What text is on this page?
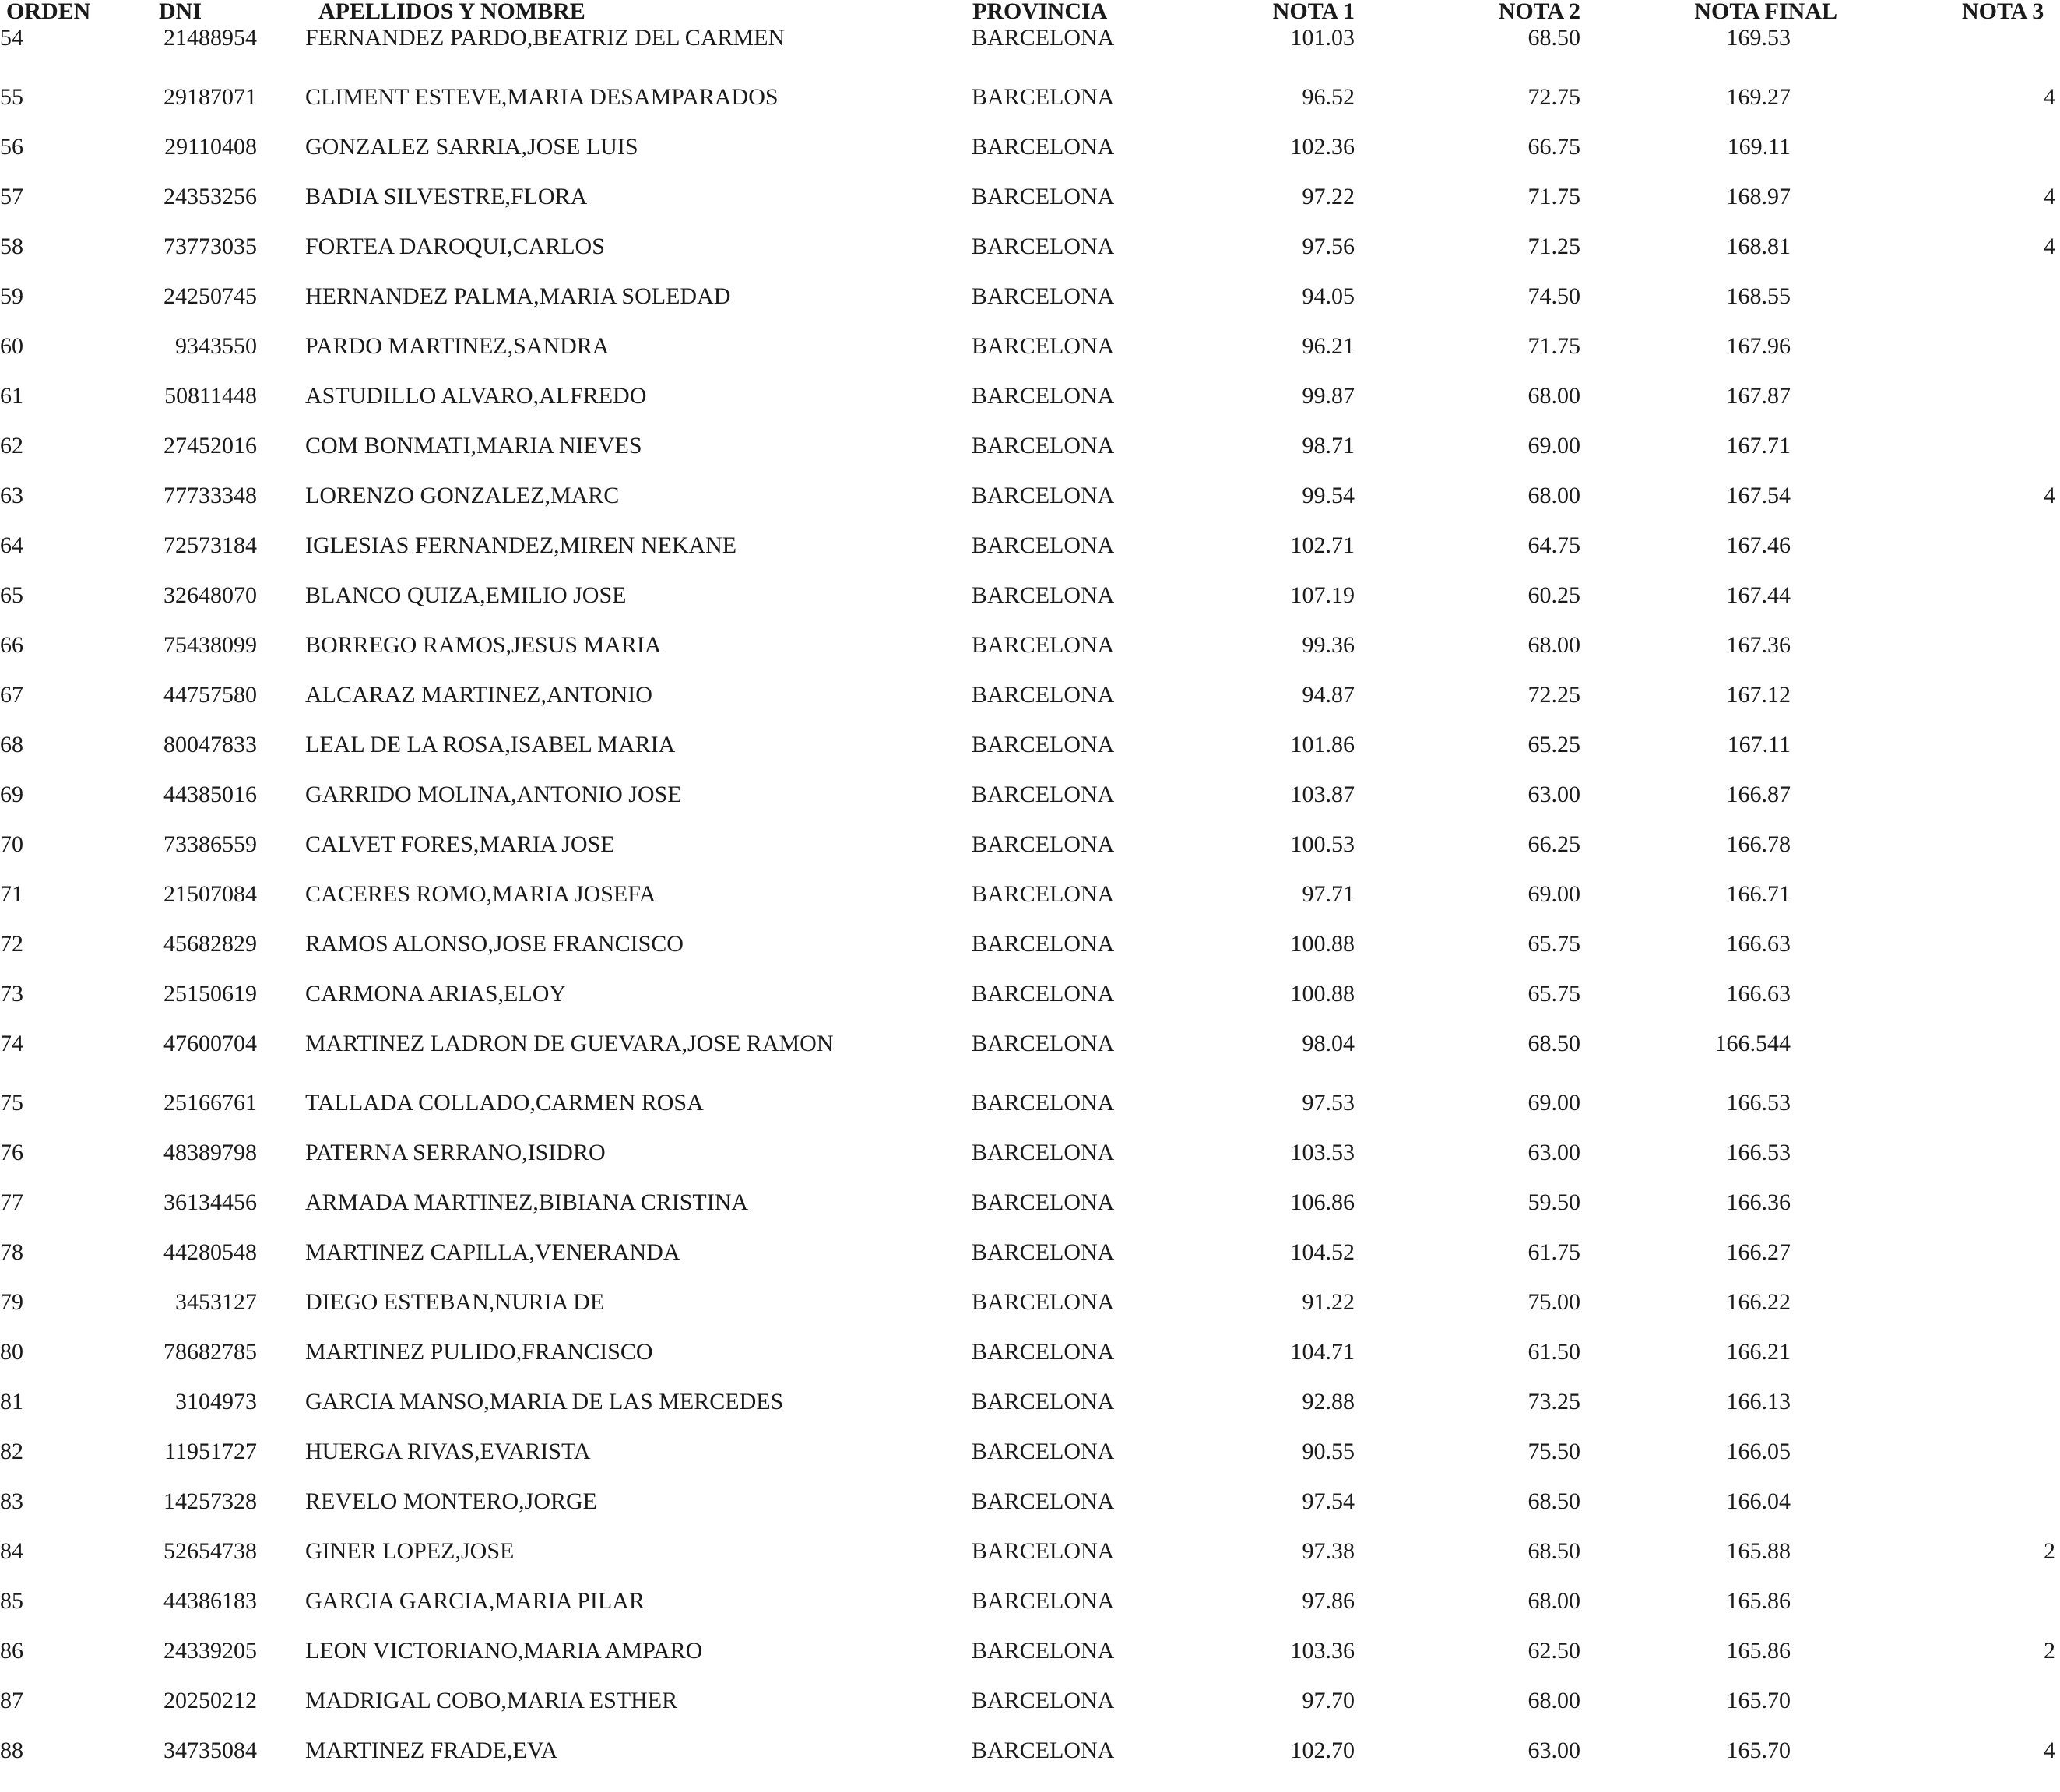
ORDEN	DNI	APELLIDOS Y NOMBRE	PROVINCIA	NOTA 1	NOTA 2	NOTA FINAL	NOTA 3
54	21488954 FERNANDEZ PARDO,BEATRIZ DEL CARMEN	BARCELONA	101.03	68.50	169.53
55	29187071 CLIMENT ESTEVE,MARIA DESAMPARADOS	BARCELONA	96.52	72.75	169.27	4
56	29110408 GONZALEZ SARRIA,JOSE LUIS	BARCELONA	102.36	66.75	169.11
57	24353256 BADIA SILVESTRE,FLORA	BARCELONA	97.22	71.75	168.97	4
58	73773035 FORTEA DAROQUI,CARLOS	BARCELONA	97.56	71.25	168.81	4
59	24250745 HERNANDEZ PALMA,MARIA SOLEDAD	BARCELONA	94.05	74.50	168.55
60	9343550 PARDO MARTINEZ,SANDRA	BARCELONA	96.21	71.75	167.96
61	50811448 ASTUDILLO ALVARO,ALFREDO	BARCELONA	99.87	68.00	167.87
62	27452016 COM BONMATI,MARIA NIEVES	BARCELONA	98.71	69.00	167.71
63	77733348 LORENZO GONZALEZ,MARC	BARCELONA	99.54	68.00	167.54	4
64	72573184 IGLESIAS FERNANDEZ,MIREN NEKANE	BARCELONA	102.71	64.75	167.46
65	32648070 BLANCO QUIZA,EMILIO JOSE	BARCELONA	107.19	60.25	167.44
66	75438099 BORREGO RAMOS,JESUS MARIA	BARCELONA	99.36	68.00	167.36
67	44757580 ALCARAZ MARTINEZ,ANTONIO	BARCELONA	94.87	72.25	167.12
68	80047833 LEAL DE LA ROSA,ISABEL MARIA	BARCELONA	101.86	65.25	167.11
69	44385016 GARRIDO MOLINA,ANTONIO JOSE	BARCELONA	103.87	63.00	166.87
70	73386559 CALVET FORES,MARIA JOSE	BARCELONA	100.53	66.25	166.78
71	21507084 CACERES ROMO,MARIA JOSEFA	BARCELONA	97.71	69.00	166.71
72	45682829 RAMOS ALONSO,JOSE FRANCISCO	BARCELONA	100.88	65.75	166.63
73	25150619 CARMONA ARIAS,ELOY	BARCELONA	100.88	65.75	166.63
74	47600704 MARTINEZ LADRON DE GUEVARA,JOSE RAMON	BARCELONA	98.04	68.50	166.544
75	25166761 TALLADA COLLADO,CARMEN ROSA	BARCELONA	97.53	69.00	166.53
76	48389798 PATERNA SERRANO,ISIDRO	BARCELONA	103.53	63.00	166.53
77	36134456 ARMADA MARTINEZ,BIBIANA CRISTINA	BARCELONA	106.86	59.50	166.36
78	44280548 MARTINEZ CAPILLA,VENERANDA	BARCELONA	104.52	61.75	166.27
79	3453127 DIEGO ESTEBAN,NURIA DE	BARCELONA	91.22	75.00	166.22
80	78682785 MARTINEZ PULIDO,FRANCISCO	BARCELONA	104.71	61.50	166.21
81	3104973 GARCIA MANSO,MARIA DE LAS MERCEDES	BARCELONA	92.88	73.25	166.13
82	11951727 HUERGA RIVAS,EVARISTA	BARCELONA	90.55	75.50	166.05
83	14257328 REVELO MONTERO,JORGE	BARCELONA	97.54	68.50	166.04
84	52654738 GINER LOPEZ,JOSE	BARCELONA	97.38	68.50	165.88	2
85	44386183 GARCIA GARCIA,MARIA PILAR	BARCELONA	97.86	68.00	165.86
86	24339205 LEON VICTORIANO,MARIA AMPARO	BARCELONA	103.36	62.50	165.86	2
87	20250212 MADRIGAL COBO,MARIA ESTHER	BARCELONA	97.70	68.00	165.70
88	34735084 MARTINEZ FRADE,EVA	BARCELONA	102.70	63.00	165.70	4
